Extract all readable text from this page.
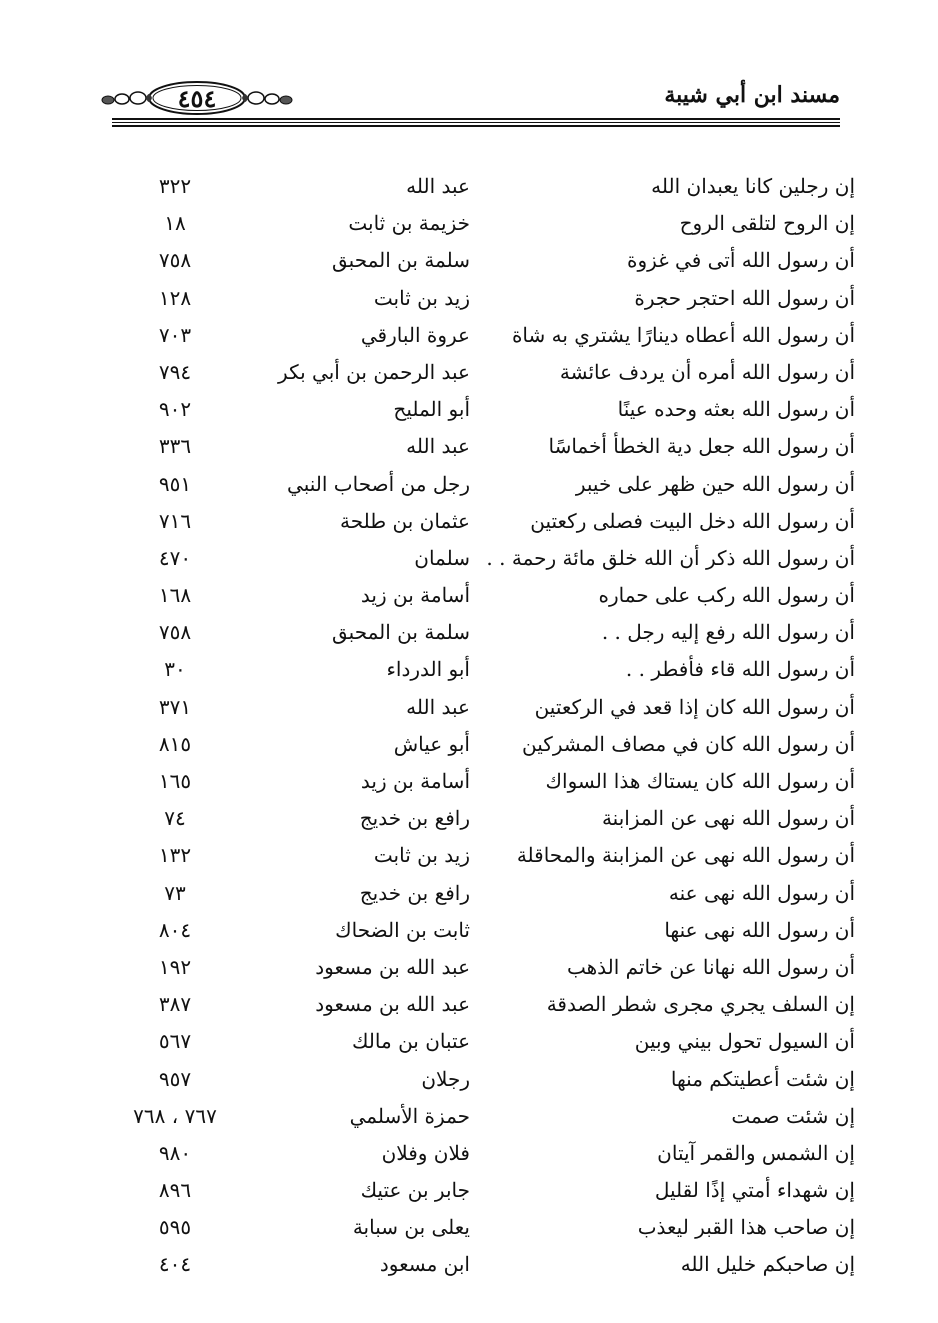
٤٥٤	مسند ابن أبي شيبة
إن رجلين كانا يعبدان الله
عبد الله
٣٢٢
إن الروح لتلقى الروح
خزيمة بن ثابت
١٨
أن رسول الله أتى في غزوة
سلمة بن المحبق
٧٥٨
أن رسول الله احتجر حجرة
زيد بن ثابت
١٢٨
أن رسول الله أعطاه دينارًا يشتري به شاة
عروة البارقي
٧٠٣
أن رسول الله أمره أن يردف عائشة
عبد الرحمن بن أبي بكر
٧٩٤
أن رسول الله بعثه وحده عينًا
أبو المليح
٩٠٢
أن رسول الله جعل دية الخطأ أخماسًا
عبد الله
٣٣٦
أن رسول الله حين ظهر على خيبر
رجل من أصحاب النبي
٩٥١
أن رسول الله دخل البيت فصلى ركعتين
عثمان بن طلحة
٧١٦
أن رسول الله ذكر أن الله خلق مائة رحمة . .
سلمان
٤٧٠
أن رسول الله ركب على حماره
أسامة بن زيد
١٦٨
أن رسول الله رفع إليه رجل . .
سلمة بن المحبق
٧٥٨
أن رسول الله قاء فأفطر . .
أبو الدرداء
٣٠
أن رسول الله كان إذا قعد في الركعتين
عبد الله
٣٧١
أن رسول الله كان في مصاف المشركين
أبو عياش
٨١٥
أن رسول الله كان يستاك هذا السواك
أسامة بن زيد
١٦٥
أن رسول الله نهى عن المزابنة
رافع بن خديج
٧٤
أن رسول الله نهى عن المزابنة والمحاقلة
زيد بن ثابت
١٣٢
أن رسول الله نهى عنه
رافع بن خديج
٧٣
أن رسول الله نهى عنها
ثابت بن الضحاك
٨٠٤
أن رسول الله نهانا عن خاتم الذهب
عبد الله بن مسعود
١٩٢
إن السلف يجري مجرى شطر الصدقة
عبد الله بن مسعود
٣٨٧
أن السيول تحول بيني وبين
عتبان بن مالك
٥٦٧
إن شئت أعطيتكم منها
رجلان
٩٥٧
إن شئت صمت
حمزة الأسلمي
٧٦٧ ، ٧٦٨
إن الشمس والقمر آيتان
فلان وفلان
٩٨٠
إن شهداء أمتي إذًا لقليل
جابر بن عتيك
٨٩٦
إن صاحب هذا القبر ليعذب
يعلى بن سبابة
٥٩٥
إن صاحبكم خليل الله
ابن مسعود
٤٠٤
